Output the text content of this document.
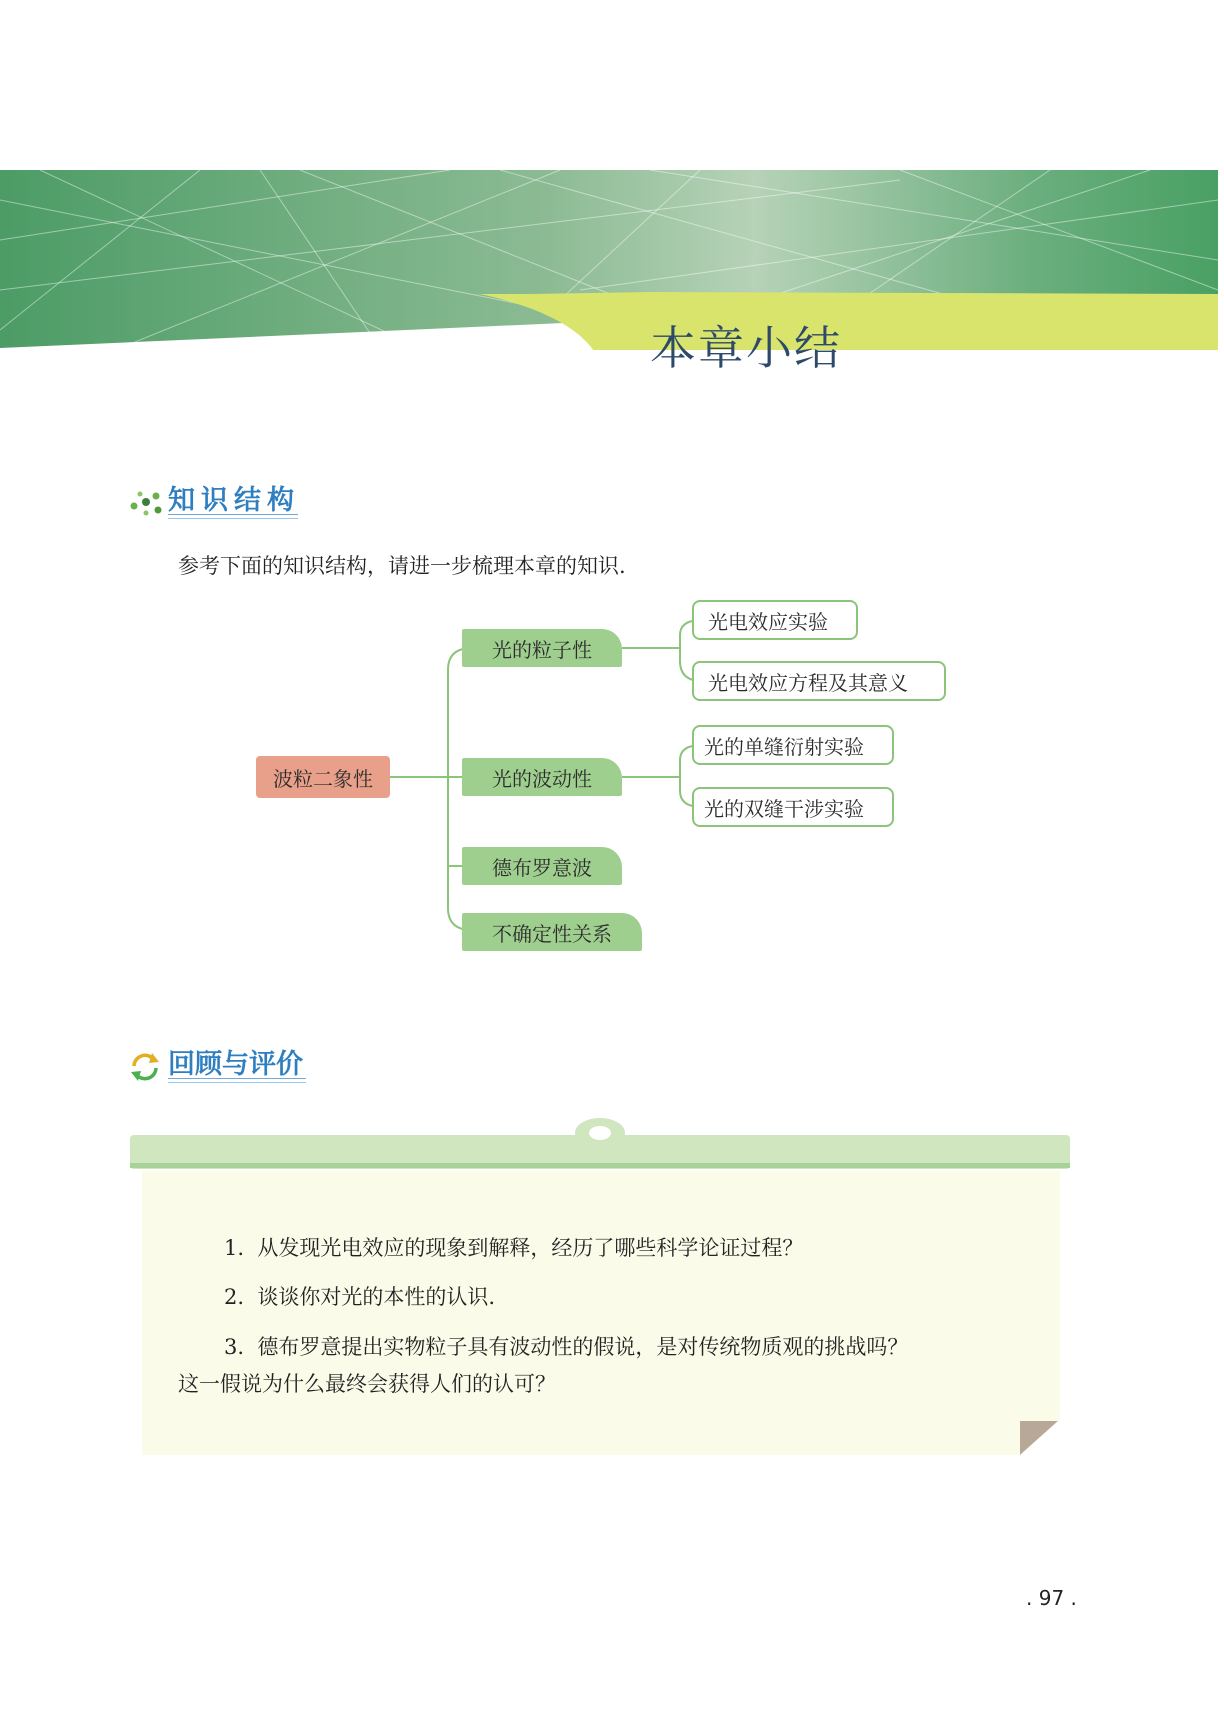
本章小结
知识结构
参考下面的知识结构，请进一步梳理本章的知识.
波粒二象性
光的粒子性
光的波动性
德布罗意波
不确定性关系
光电效应实验
光电效应方程及其意义
光的单缝衍射实验
光的双缝干涉实验
回顾与评价
1. 从发现光电效应的现象到解释，经历了哪些科学论证过程？
2. 谈谈你对光的本性的认识.
3. 德布罗意提出实物粒子具有波动性的假说，是对传统物质观的挑战吗？
这一假说为什么最终会获得人们的认可？
. 97 .
